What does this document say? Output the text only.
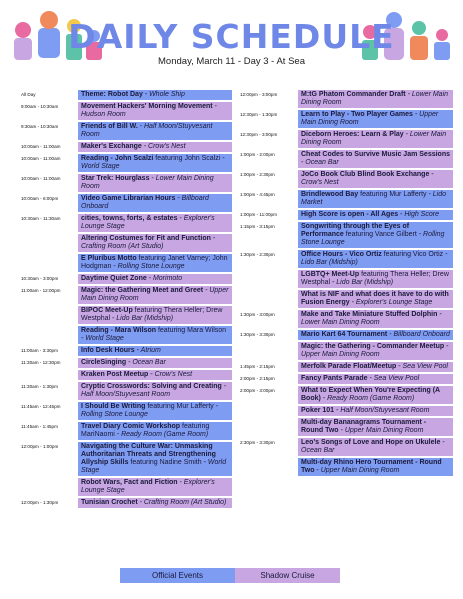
DAILY SCHEDULE
Monday, March 11 - Day 3 - At Sea
All Day	Theme: Robot Day - Whole Ship
9:00am - 10:30am	Movement Hackers' Morning Movement - Hudson Room
9:30am - 10:30am	Friends of Bill W. - Half Moon/Stuyvesant Room
10:00am - 11:00am	Maker's Exchange - Crow's Nest
10:00am - 11:00am	Reading - John Scalzi featuring John Scalzi - World Stage
10:00am - 11:00am	Star Trek: Hourglass - Lower Main Dining Room
10:00am - 6:00pm	Video Game Librarian Hours - Billboard Onboard
10:30am - 11:30am	cities, towns, forts, & estates - Explorer's Lounge Stage
Altering Costumes for Fit and Function - Crafting Room (Art Studio)
E Pluribus Motto featuring Janet Varney; John Hodgman - Rolling Stone Lounge
10:30am - 3:00pm	Daytime Quiet Zone - Morimoto
11:00am - 12:00pm	Magic: the Gathering Meet and Greet - Upper Main Dining Room
BIPOC Meet-Up featuring Thera Heller; Drew Westphal - Lido Bar (Midship)
Reading - Mara Wilson featuring Mara Wilson - World Stage
11:00am - 3:30pm	Info Desk Hours - Atrium
11:30am - 12:30pm	CircleSinging - Ocean Bar
Kraken Post Meetup - Crow's Nest
11:30am - 1:30pm	Cryptic Crosswords: Solving and Creating - Half Moon/Stuyvesant Room
11:45am - 12:45pm	I Should Be Writing featuring Mur Lafferty - Rolling Stone Lounge
11:45am - 1:45pm	Travel Diary Comic Workshop featuring MariNaomi - Ready Room (Game Room)
12:00pm - 1:00pm	Navigating the Culture War: Unmasking Authoritarian Threats and Strengthening Allyship Skills featuring Nadine Smith - World Stage
Robot Wars, Fact and Fiction - Explorer's Lounge Stage
12:00pm - 1:30pm	Tunisian Crochet - Crafting Room (Art Studio)
12:00pm - 3:00pm	M:tG Phatom Commander Draft - Lower Main Dining Room
12:30pm - 1:30pm	Learn to Play - Two Player Games - Upper Main Dining Room
12:30pm - 3:00pm	Diceborn Heroes: Learn & Play - Lower Main Dining Room
1:00pm - 2:00pm	Cheat Codes to Survive Music Jam Sessions - Ocean Bar
1:00pm - 2:30pm	JoCo Book Club Blind Book Exchange - Crow's Nest
1:00pm - 4:45pm	Brindlewood Bay featuring Mur Lafferty - Lido Market
1:00pm - 11:00pm	High Score is open - All Ages - High Score
1:15pm - 3:15pm	Songwriting through the Eyes of Performance featuring Vance Gilbert - Rolling Stone Lounge
1:30pm - 2:30pm	Office Hours - Vico Ortiz featuring Vico Ortiz - Lido Bar (Midship)
LGBTQ+ Meet-Up featuring Thera Heller; Drew Westphal - Lido Bar (Midship)
What is NIF and what does it have to do with Fusion Energy - Explorer's Lounge Stage
1:30pm - 3:00pm	Make and Take Miniature Stuffed Dolphin - Lower Main Dining Room
1:30pm - 3:30pm	Mario Kart 64 Tournament - Billboard Onboard
Magic: the Gathering - Commander Meetup - Upper Main Dining Room
1:45pm - 2:15pm	Merfolk Parade Float/Meetup - Sea View Pool
2:00pm - 2:15pm	Fancy Pants Parade - Sea View Pool
2:00pm - 3:00pm	What to Expect When You're Expecting (A Book) - Ready Room (Game Room)
Poker 101 - Half Moon/Stuyvesant Room
Multi-day Bananagrams Tournament - Round Two - Upper Main Dining Room
2:30pm - 3:30pm	Leo's Songs of Love and Hope on Ukulele - Ocean Bar
Multi-day Rhino Hero Tournament - Round Two - Upper Main Dining Room
Official Events	Shadow Cruise
